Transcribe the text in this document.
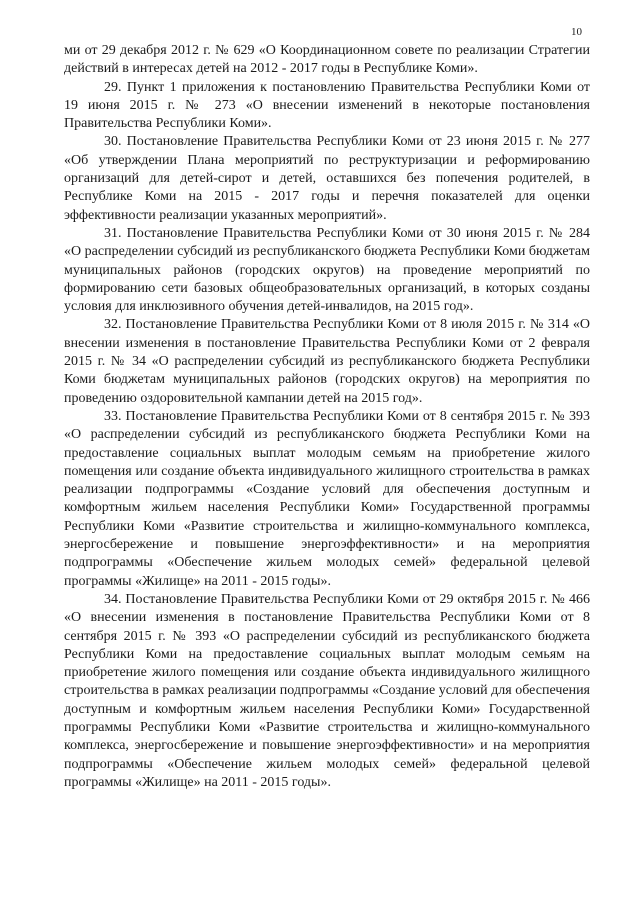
10

ми от 29 декабря 2012 г. № 629 «О Координационном совете по реализации Стратегии действий в интересах детей на 2012 - 2017 годы в Республике Коми».

29. Пункт 1 приложения к постановлению Правительства Республики Коми от 19 июня 2015 г. № 273 «О внесении изменений в некоторые постановления Правительства Республики Коми».

30. Постановление Правительства Республики Коми от 23 июня 2015 г. № 277 «Об утверждении Плана мероприятий по реструктуризации и реформированию организаций для детей-сирот и детей, оставшихся без попечения родителей, в Республике Коми на 2015 - 2017 годы и перечня показателей для оценки эффективности реализации указанных мероприятий».

31. Постановление Правительства Республики Коми от 30 июня 2015 г. № 284 «О распределении субсидий из республиканского бюджета Республики Коми бюджетам муниципальных районов (городских округов) на проведение мероприятий по формированию сети базовых общеобразовательных организаций, в которых созданы условия для инклюзивного обучения детей-инвалидов, на 2015 год».

32. Постановление Правительства Республики Коми от 8 июля 2015 г. № 314 «О внесении изменения в постановление Правительства Республики Коми от 2 февраля 2015 г. № 34 «О распределении субсидий из республиканского бюджета Республики Коми бюджетам муниципальных районов (городских округов) на мероприятия по проведению оздоровительной кампании детей на 2015 год».

33. Постановление Правительства Республики Коми от 8 сентября 2015 г. № 393 «О распределении субсидий из республиканского бюджета Республики Коми на предоставление социальных выплат молодым семьям на приобретение жилого помещения или создание объекта индивидуального жилищного строительства в рамках реализации подпрограммы «Создание условий для обеспечения доступным и комфортным жильем населения Республики Коми» Государственной программы Республики Коми «Развитие строительства и жилищно-коммунального комплекса, энергосбережение и повышение энергоэффективности» и на мероприятия подпрограммы «Обеспечение жильем молодых семей» федеральной целевой программы «Жилище» на 2011 - 2015 годы».

34. Постановление Правительства Республики Коми от 29 октября 2015 г. № 466 «О внесении изменения в постановление Правительства Республики Коми от 8 сентября 2015 г. № 393 «О распределении субсидий из республиканского бюджета Республики Коми на предоставление социальных выплат молодым семьям на приобретение жилого помещения или создание объекта индивидуального жилищного строительства в рамках реализации подпрограммы «Создание условий для обеспечения доступным и комфортным жильем населения Республики Коми» Государственной программы Республики Коми «Развитие строительства и жилищно-коммунального комплекса, энергосбережение и повышение энергоэффективности» и на мероприятия подпрограммы «Обеспечение жильем молодых семей» федеральной целевой программы «Жилище» на 2011 - 2015 годы».
